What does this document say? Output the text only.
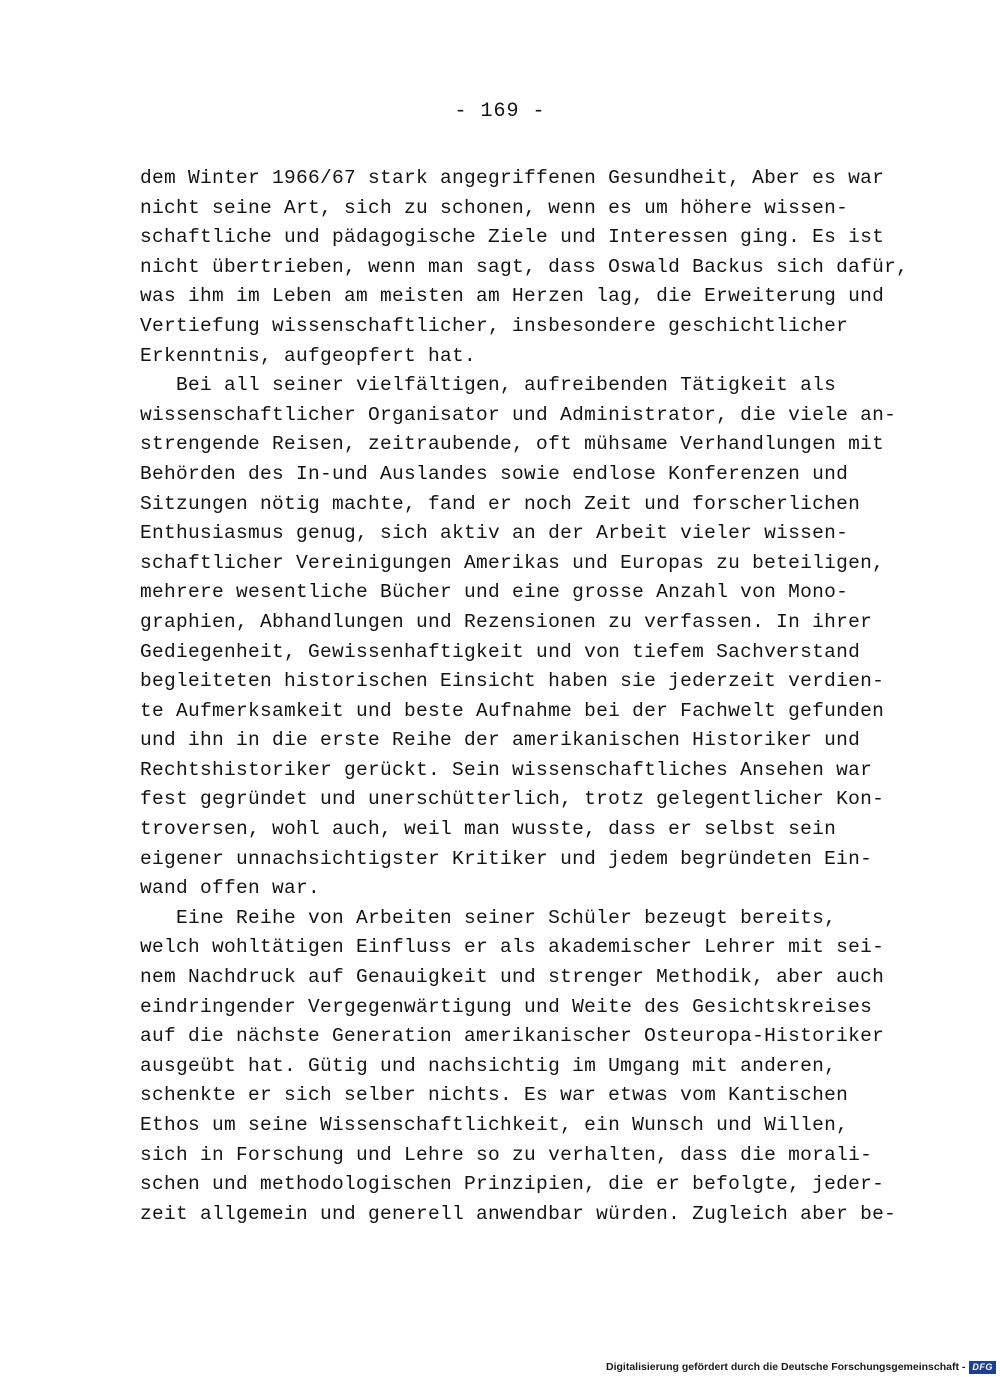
- 169 -
dem Winter 1966/67 stark angegriffenen Gesundheit, Aber es war
nicht seine Art, sich zu schonen, wenn es um höhere wissen-
schaftliche und pädagogische Ziele und Interessen ging. Es ist
nicht übertrieben, wenn man sagt, dass Oswald Backus sich dafür,
was ihm im Leben am meisten am Herzen lag, die Erweiterung und
Vertiefung wissenschaftlicher, insbesondere geschichtlicher
Erkenntnis, aufgeopfert hat.
Bei all seiner vielfältigen, aufreibenden Tätigkeit als
wissenschaftlicher Organisator und Administrator, die viele an-
strengende Reisen, zeitraubende, oft mühsame Verhandlungen mit
Behörden des In-und Auslandes sowie endlose Konferenzen und
Sitzungen nötig machte, fand er noch Zeit und forscherlichen
Enthusiasmus genug, sich aktiv an der Arbeit vieler wissen-
schaftlicher Vereinigungen Amerikas und Europas zu beteiligen,
mehrere wesentliche Bücher und eine grosse Anzahl von Mono-
graphien, Abhandlungen und Rezensionen zu verfassen. In ihrer
Gediegenheit, Gewissenhaftigkeit und von tiefem Sachverstand
begleiteten historischen Einsicht haben sie jederzeit verdien-
te Aufmerksamkeit und beste Aufnahme bei der Fachwelt gefunden
und ihn in die erste Reihe der amerikanischen Historiker und
Rechtshistoriker gerückt. Sein wissenschaftliches Ansehen war
fest gegründet und unerschütterlich, trotz gelegentlicher Kon-
troversen, wohl auch, weil man wusste, dass er selbst sein
eigener unnachsichtigster Kritiker und jedem begründeten Ein-
wand offen war.
Eine Reihe von Arbeiten seiner Schüler bezeugt bereits,
welch wohltätigen Einfluss er als akademischer Lehrer mit sei-
nem Nachdruck auf Genauigkeit und strenger Methodik, aber auch
eindringender Vergegenwärtigung und Weite des Gesichtskreises
auf die nächste Generation amerikanischer Osteuropa-Historiker
ausgeübt hat. Gütig und nachsichtig im Umgang mit anderen,
schenkte er sich selber nichts. Es war etwas vom Kantischen
Ethos um seine Wissenschaftlichkeit, ein Wunsch und Willen,
sich in Forschung und Lehre so zu verhalten, dass die morali-
schen und methodologischen Prinzipien, die er befolgte, jeder-
zeit allgemein und generell anwendbar würden. Zugleich aber be-
Digitalisierung gefördert durch die Deutsche Forschungsgemeinschaft - DFG
